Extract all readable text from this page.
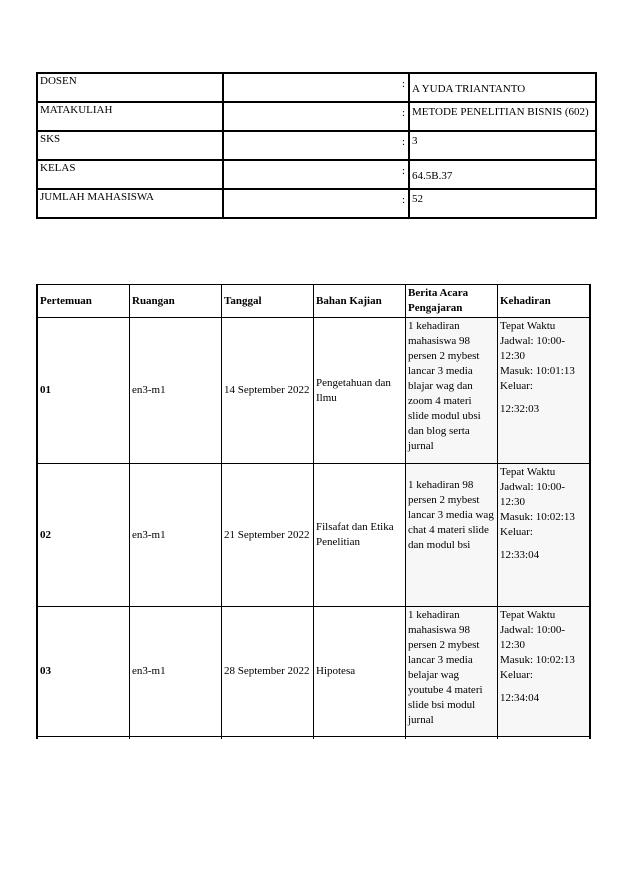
DOSEN	:	A YUDA TRIANTANTO
MATAKULIAH	:	METODE PENELITIAN BISNIS (602)
SKS	:	3
KELAS	:	64.5B.37
JUMLAH MAHASISWA	:	52
Pertemuan	Ruangan	Tanggal	Bahan Kajian	Berita Acara Pengajaran	Kehadiran
01	en3-m1	14 September 2022	Pengetahuan dan Ilmu	1 kehadiran mahasiswa 98 persen 2 mybest lancar 3 media blajar wag dan zoom 4 materi slide modul ubsi dan blog serta jurnal	Tepat Waktu
Jadwal: 10:00-12:30
Masuk: 10:01:13
Keluar:
12:32:03
02	en3-m1	21 September 2022	Filsafat dan Etika Penelitian	1 kehadiran 98 persen 2 mybest lancar 3 media wag chat 4 materi slide dan modul bsi	Tepat Waktu
Jadwal: 10:00-12:30
Masuk: 10:02:13
Keluar:
12:33:04
03	en3-m1	28 September 2022	Hipotesa	1 kehadiran mahasiswa 98 persen 2 mybest lancar 3 media belajar wag youtube 4 materi slide bsi modul jurnal	Tepat Waktu
Jadwal: 10:00-12:30
Masuk: 10:02:13
Keluar:
12:34:04
